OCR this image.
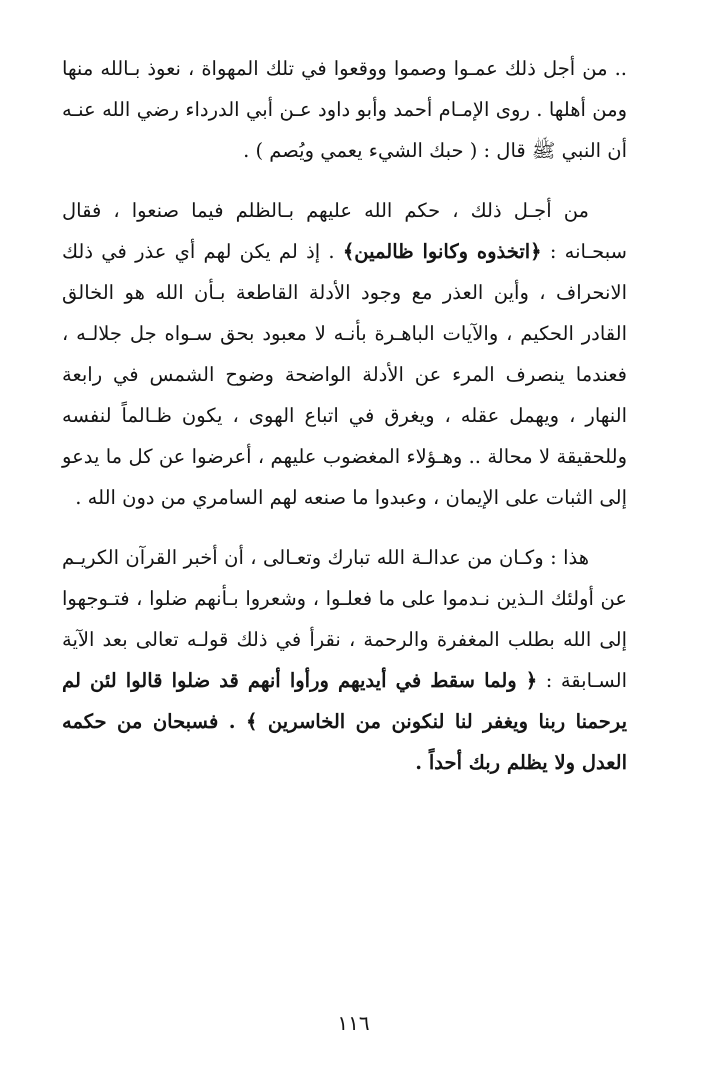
.. من أجل ذلك عمـوا وصموا ووقعوا في تلك المهواة ، نعوذ بـالله منها ومن أهلها . روى الإمـام أحمد وأبو داود عـن أبي الدرداء رضي الله عنـه أن النبي ﷺ قال : ( حبك الشيء يعمي ويُصم ) .

من أجـل ذلك ، حكم الله عليهم بـالظلم فيما صنعوا ، فقال سبحـانه : ﴿اتخذوه وكانوا ظالمين﴾ . إذ لم يكن لهم أي عذر في ذلك الانحراف ، وأين العذر مع وجود الأدلة القاطعة بـأن الله هو الخالق القادر الحكيم ، والآيات الباهـرة بأنـه لا معبود بحق سـواه جل جلالـه ، فعندما ينصرف المرء عن الأدلة الواضحة وضوح الشمس في رابعة النهار ، ويهمل عقله ، ويغرق في اتباع الهوى ، يكون ظـالماً لنفسه وللحقيقة لا محالة .. وهـؤلاء المغضوب عليهم ، أعرضوا عن كل ما يدعو إلى الثبات على الإيمان ، وعبدوا ما صنعه لهم السامري من دون الله .

هذا : وكـان من عدالـة الله تبارك وتعـالى ، أن أخبر القرآن الكريـم عن أولئك الـذين نـدموا على ما فعلـوا ، وشعروا بـأنهم ضلوا ، فتـوجهوا إلى الله بطلب المغفرة والرحمة ، نقرأ في ذلك قولـه تعالى بعد الآية السـابقة : ﴿ ولما سقط في أيديهم ورأوا أنهم قد ضلوا قالوا لئن لم يرحمنا ربنا ويغفر لنا لنكونن من الخاسرين ﴾ . فسبحان من حكمه العدل ولا يظلم ربك أحداً .

١١٦
